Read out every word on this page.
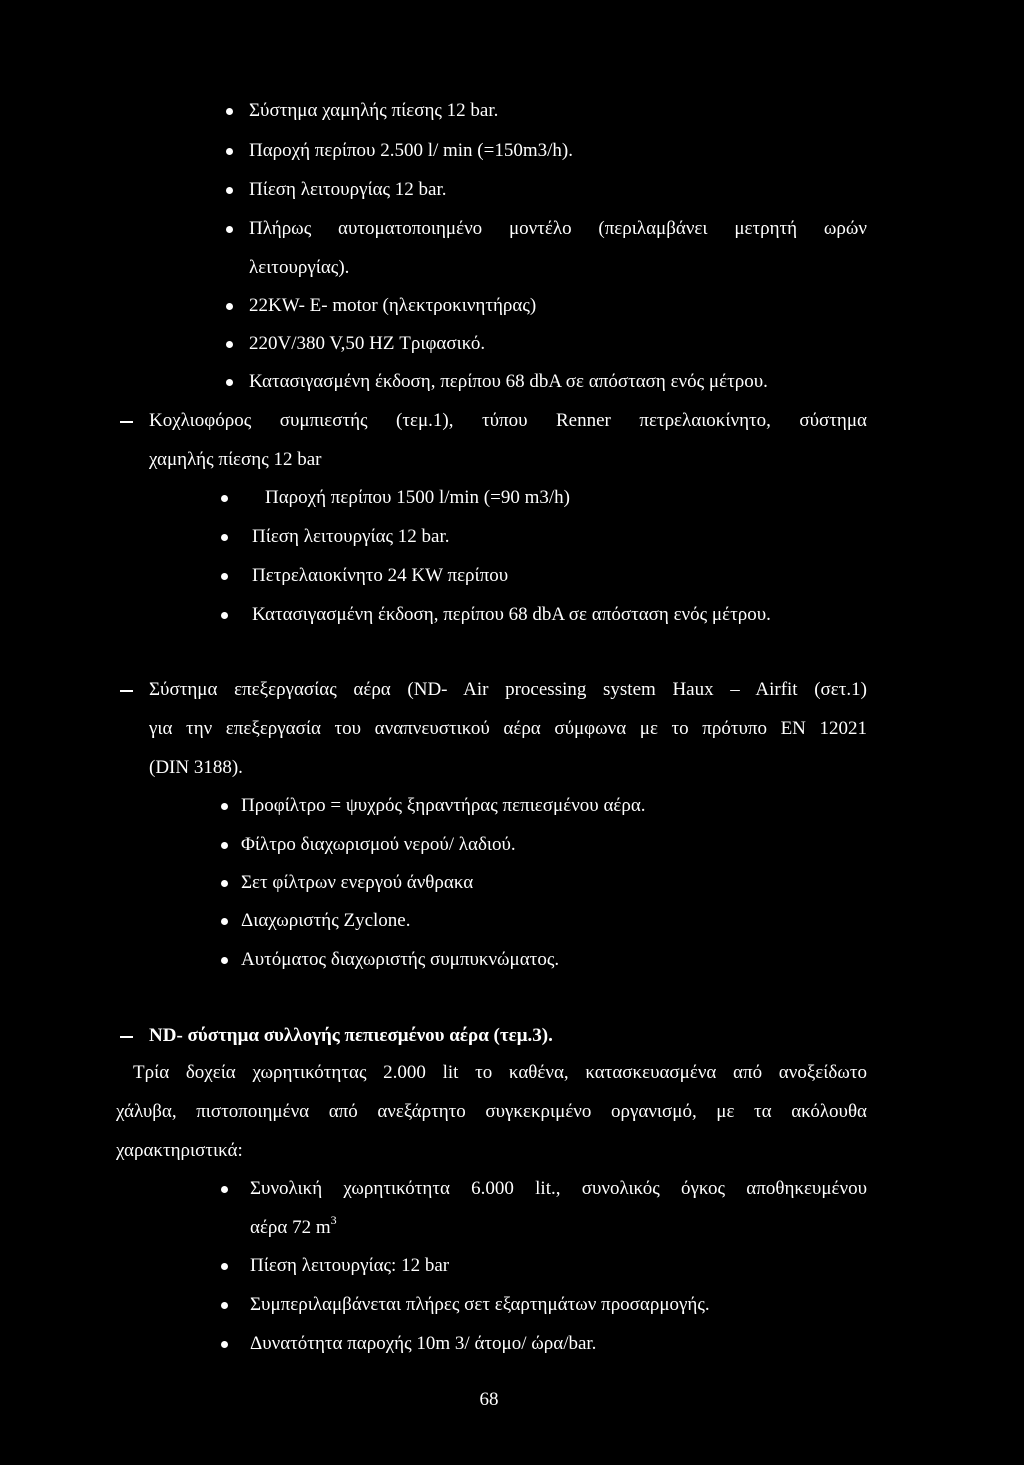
Σύστημα χαμηλής πίεσης 12 bar.
Παροχή περίπου 2.500 l/ min (=150m3/h).
Πίεση λειτουργίας 12 bar.
Πλήρως αυτοματοποιημένο μοντέλο (περιλαμβάνει μετρητή ωρών
λειτουργίας).
22KW- E- motor (ηλεκτροκινητήρας)
220V/380 V,50 HZ Τριφασικό.
Κατασιγασμένη έκδοση, περίπου 68 dbA σε απόσταση ενός μέτρου.
Κοχλιοφόρος συμπιεστής (τεμ.1), τύπου Renner πετρελαιοκίνητο, σύστημα
χαμηλής πίεσης 12 bar
Παροχή περίπου 1500 l/min (=90 m3/h)
Πίεση λειτουργίας 12 bar.
Πετρελαιοκίνητο 24 KW περίπου
Κατασιγασμένη έκδοση, περίπου 68 dbA σε απόσταση ενός μέτρου.
Σύστημα επεξεργασίας αέρα (ND- Air processing system Haux – Airfit (σετ.1)
για την επεξεργασία του αναπνευστικού αέρα σύμφωνα με το πρότυπο EN 12021
(DIN 3188).
Προφίλτρο = ψυχρός ξηραντήρας πεπιεσμένου αέρα.
Φίλτρο διαχωρισμού νερού/ λαδιού.
Σετ φίλτρων ενεργού άνθρακα
Διαχωριστής Zyclone.
Αυτόματος διαχωριστής συμπυκνώματος.
ND- σύστημα συλλογής πεπιεσμένου αέρα (τεμ.3).
Τρία δοχεία χωρητικότητας 2.000 lit το καθένα, κατασκευασμένα από ανοξείδωτο
χάλυβα, πιστοποιημένα από ανεξάρτητο συγκεκριμένο οργανισμό, με τα ακόλουθα
χαρακτηριστικά:
Συνολική χωρητικότητα 6.000 lit., συνολικός όγκος αποθηκευμένου
αέρα 72 $m^3$
Πίεση λειτουργίας: 12 bar
Συμπεριλαμβάνεται πλήρες σετ εξαρτημάτων προσαρμογής.
Δυνατότητα παροχής 10m 3/ άτομο/ ώρα/bar.
68
